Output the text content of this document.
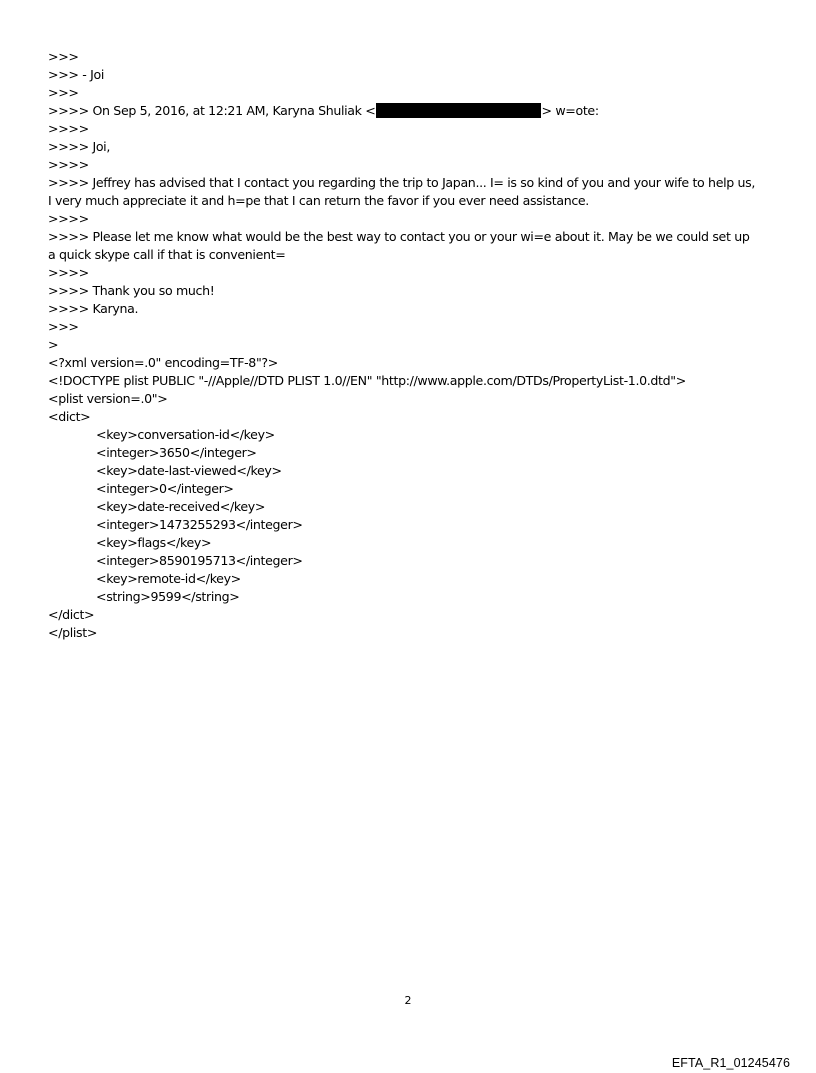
>>>
>>> - Joi
>>>
>>>> On Sep 5, 2016, at 12:21 AM, Karyna Shuliak <	> w=ote:
>>>>
>>>> Joi,
>>>>
>>>> Jeffrey has advised that I contact you regarding the trip to Japan... I= is so kind of you and your wife to help us, I very much appreciate it and h=pe that I can return the favor if you ever need assistance.
>>>>
>>>> Please let me know what would be the best way to contact you or your wi=e about it. May be we could set up a quick skype call if that is convenient=
>>>>
>>>> Thank you so much!
>>>> Karyna.
>>>
>
<?xml version=.0" encoding=TF-8"?>
<!DOCTYPE plist PUBLIC "-//Apple//DTD PLIST 1.0//EN" "http://www.apple.com/DTDs/PropertyList-1.0.dtd">
<plist version=.0">
<dict>
<key>conversation-id</key>
<integer>3650</integer>
<key>date-last-viewed</key>
<integer>0</integer>
<key>date-received</key>
<integer>1473255293</integer>
<key>flags</key>
<integer>8590195713</integer>
<key>remote-id</key>
<string>9599</string>
</dict>
</plist>
2
EFTA_R1_01245476
